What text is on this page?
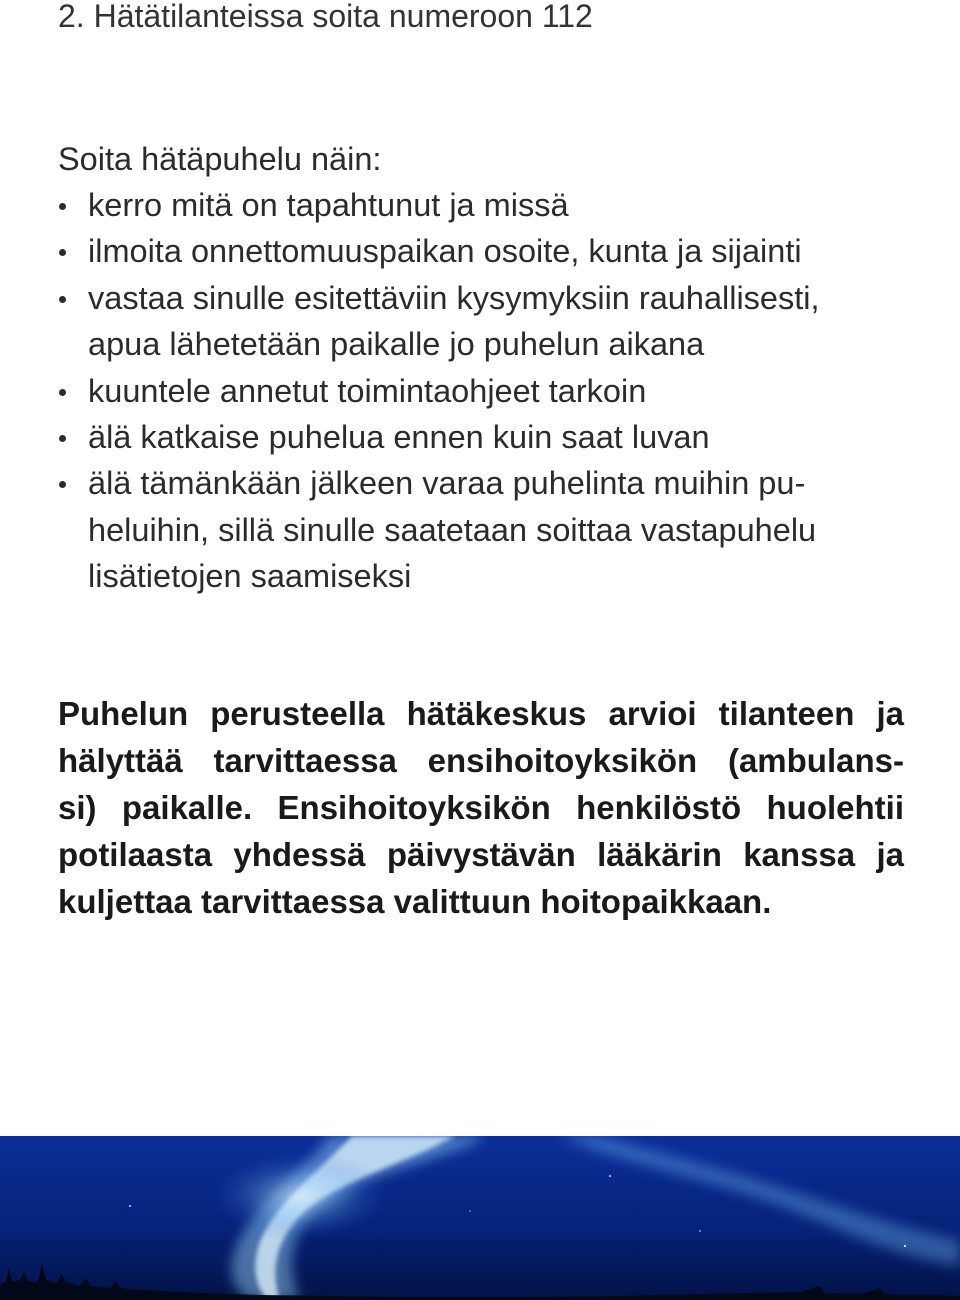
2. Hätätilanteissa soita numeroon 112

Soita hätäpuhelu näin:

kerro mitä on tapahtunut ja missä
ilmoita onnettomuuspaikan osoite, kunta ja sijainti
vastaa sinulle esitettäviin kysymyksiin rauhallisesti,
apua lähetetään paikalle jo puhelun aikana
kuuntele annetut toimintaohjeet tarkoin
älä katkaise puhelua ennen kuin saat luvan
älä tämänkään jälkeen varaa puhelinta muihin pu-
heluihin, sillä sinulle saatetaan soittaa vastapuhelu
lisätietojen saamiseksi
Puhelun perusteella hätäkeskus arvioi tilanteen ja
hälyttää tarvittaessa ensihoitoyksikön (ambulans-
si) paikalle. Ensihoitoyksikön henkilöstö huolehtii
potilaasta yhdessä päivystävän lääkärin kanssa ja
kuljettaa tarvittaessa valittuun hoitopaikkaan.
